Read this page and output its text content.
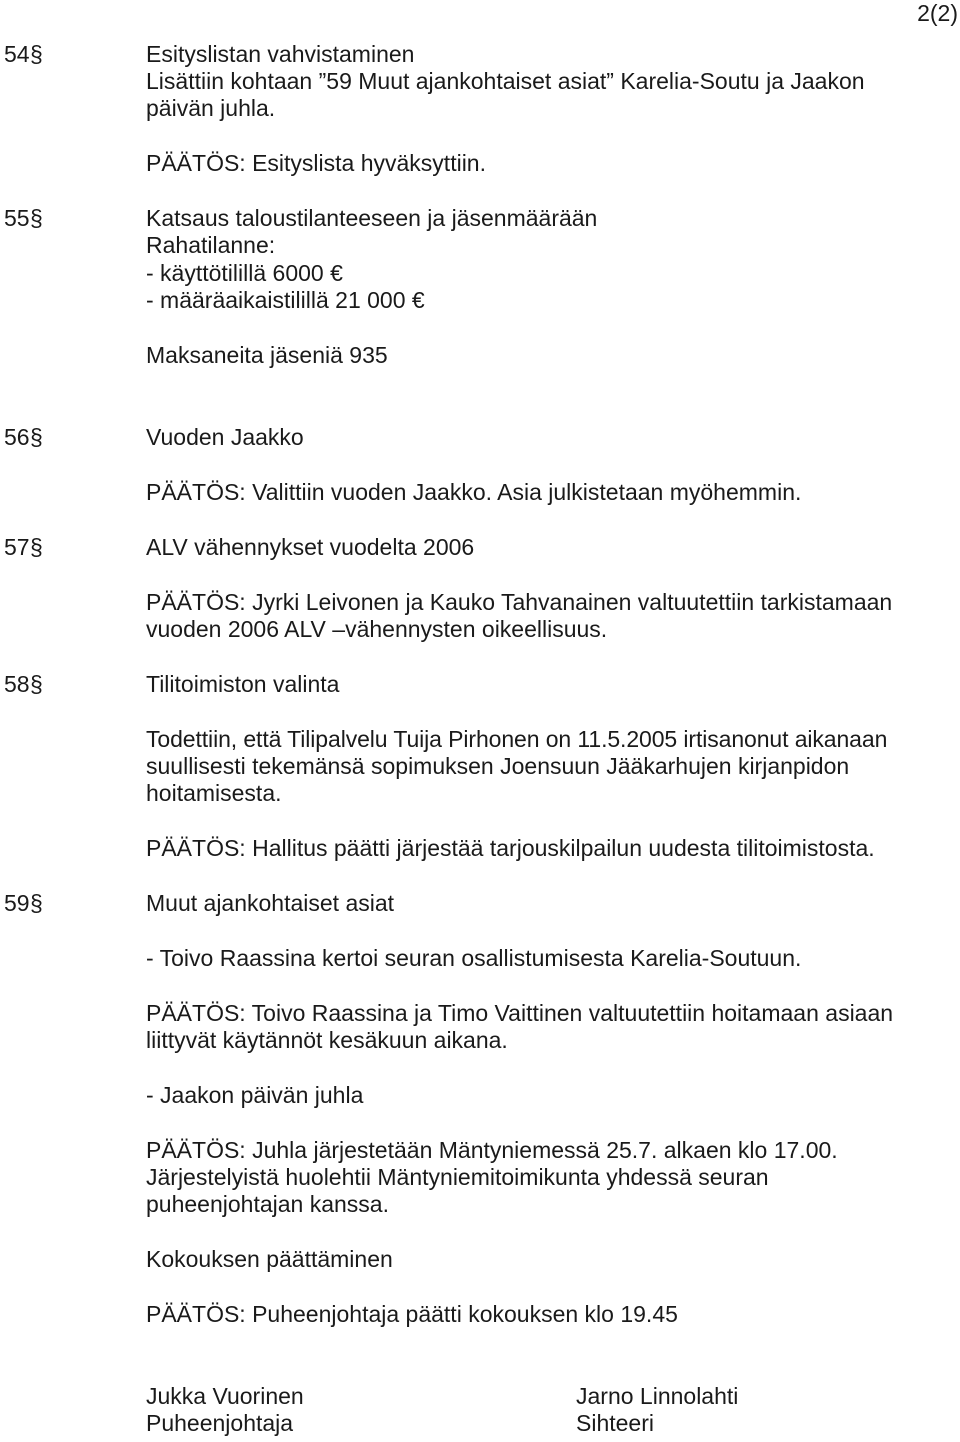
2(2)
54 §	Esityslistan vahvistaminen
Lisättiin kohtaan ”59 Muut ajankohtaiset asiat” Karelia-Soutu ja Jaakon
päivän juhla.
PÄÄTÖS: Esityslista hyväksyttiin.
55 §	Katsaus taloustilanteeseen ja jäsenmäärään
Rahatilanne:
- käyttötilillä 6000 €
- määräaikaistilillä 21 000 €
Maksaneita jäseniä 935
56 §	Vuoden Jaakko
PÄÄTÖS: Valittiin vuoden Jaakko. Asia julkistetaan myöhemmin.
57 §	ALV vähennykset vuodelta 2006
PÄÄTÖS: Jyrki Leivonen ja Kauko Tahvanainen valtuutettiin tarkistamaan
vuoden 2006 ALV –vähennysten oikeellisuus.
58 §	Tilitoimiston valinta
Todettiin, että Tilipalvelu Tuija Pirhonen on 11.5.2005 irtisanonut aikanaan
suullisesti tekemänsä sopimuksen Joensuun Jääkarhujen kirjanpidon
hoitamisesta.
PÄÄTÖS: Hallitus päätti järjestää tarjouskilpailun uudesta tilitoimistosta.
59 §	Muut ajankohtaiset asiat
- Toivo Raassina kertoi seuran osallistumisesta Karelia-Soutuun.
PÄÄTÖS: Toivo Raassina ja Timo Vaittinen valtuutettiin hoitamaan asiaan
liittyvät käytännöt kesäkuun aikana.
- Jaakon päivän juhla
PÄÄTÖS: Juhla järjestetään Mäntyniemessä 25.7. alkaen klo 17.00.
Järjestelyistä huolehtii Mäntyniemitoimikunta yhdessä seuran
puheenjohtajan kanssa.
Kokouksen päättäminen
PÄÄTÖS: Puheenjohtaja päätti kokouksen klo 19.45
Jukka Vuorinen
Puheenjohtaja
Jarno Linnolahti
Sihteeri
